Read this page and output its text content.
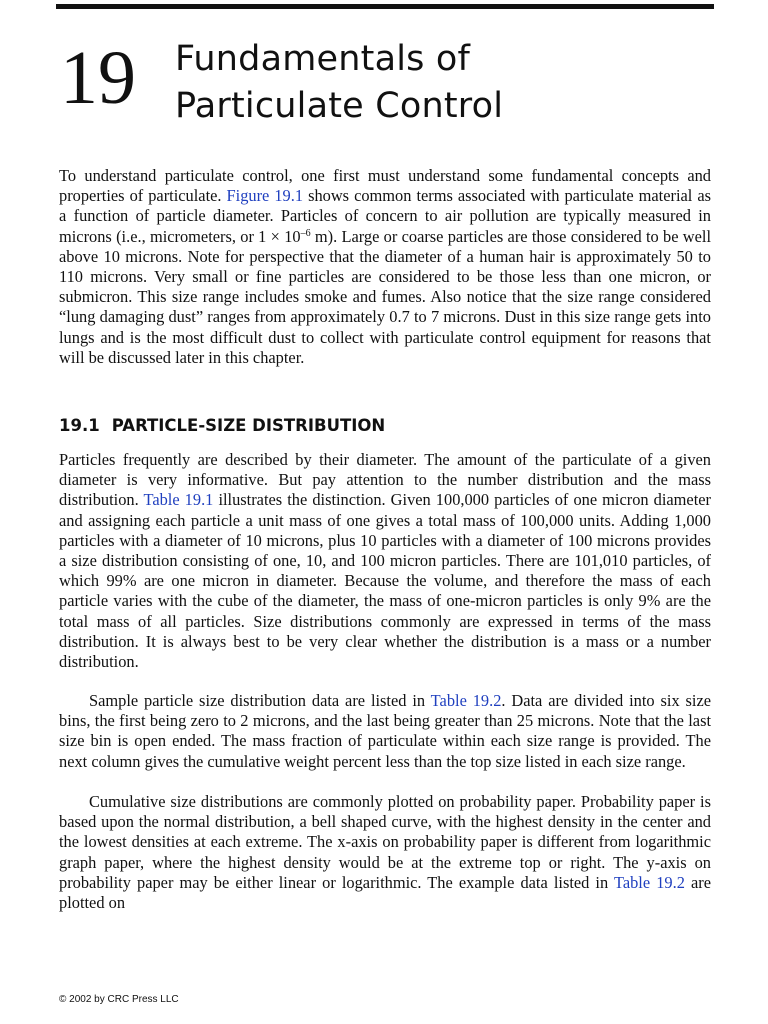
19 Fundamentals of
Particulate Control

To understand particulate control, one first must understand some fundamental concepts and properties of particulate. Figure 19.1 shows common terms associated with particulate material as a function of particle diameter. Particles of concern to air pollution are typically measured in microns (i.e., micrometers, or $1 \times 10^{-6}$ m). Large or coarse particles are those considered to be well above 10 microns. Note for perspective that the diameter of a human hair is approximately 50 to 110 microns. Very small or fine particles are considered to be those less than one micron, or submicron. This size range includes smoke and fumes. Also notice that the size range considered “lung damaging dust” ranges from approximately 0.7 to 7 microns. Dust in this size range gets into lungs and is the most difficult dust to collect with particulate control equipment for reasons that will be discussed later in this chapter.

19.1 PARTICLE-SIZE DISTRIBUTION

Particles frequently are described by their diameter. The amount of the particulate of a given diameter is very informative. But pay attention to the number distribution and the mass distribution. Table 19.1 illustrates the distinction. Given 100,000 particles of one micron diameter and assigning each particle a unit mass of one gives a total mass of 100,000 units. Adding 1,000 particles with a diameter of 10 microns, plus 10 particles with a diameter of 100 microns provides a size distribution consisting of one, 10, and 100 micron particles. There are 101,010 particles, of which 99% are one micron in diameter. Because the volume, and therefore the mass of each particle varies with the cube of the diameter, the mass of one-micron particles is only 9% are the total mass of all particles. Size distributions commonly are expressed in terms of the mass distribution. It is always best to be very clear whether the distribution is a mass or a number distribution.

Sample particle size distribution data are listed in Table 19.2. Data are divided into six size bins, the first being zero to 2 microns, and the last being greater than 25 microns. Note that the last size bin is open ended. The mass fraction of particulate within each size range is provided. The next column gives the cumulative weight percent less than the top size listed in each size range.

Cumulative size distributions are commonly plotted on probability paper. Probability paper is based upon the normal distribution, a bell shaped curve, with the highest density in the center and the lowest densities at each extreme. The x-axis on probability paper is different from logarithmic graph paper, where the highest density would be at the extreme top or right. The y-axis on probability paper may be either linear or logarithmic. The example data listed in Table 19.2 are plotted on

© 2002 by CRC Press LLC
